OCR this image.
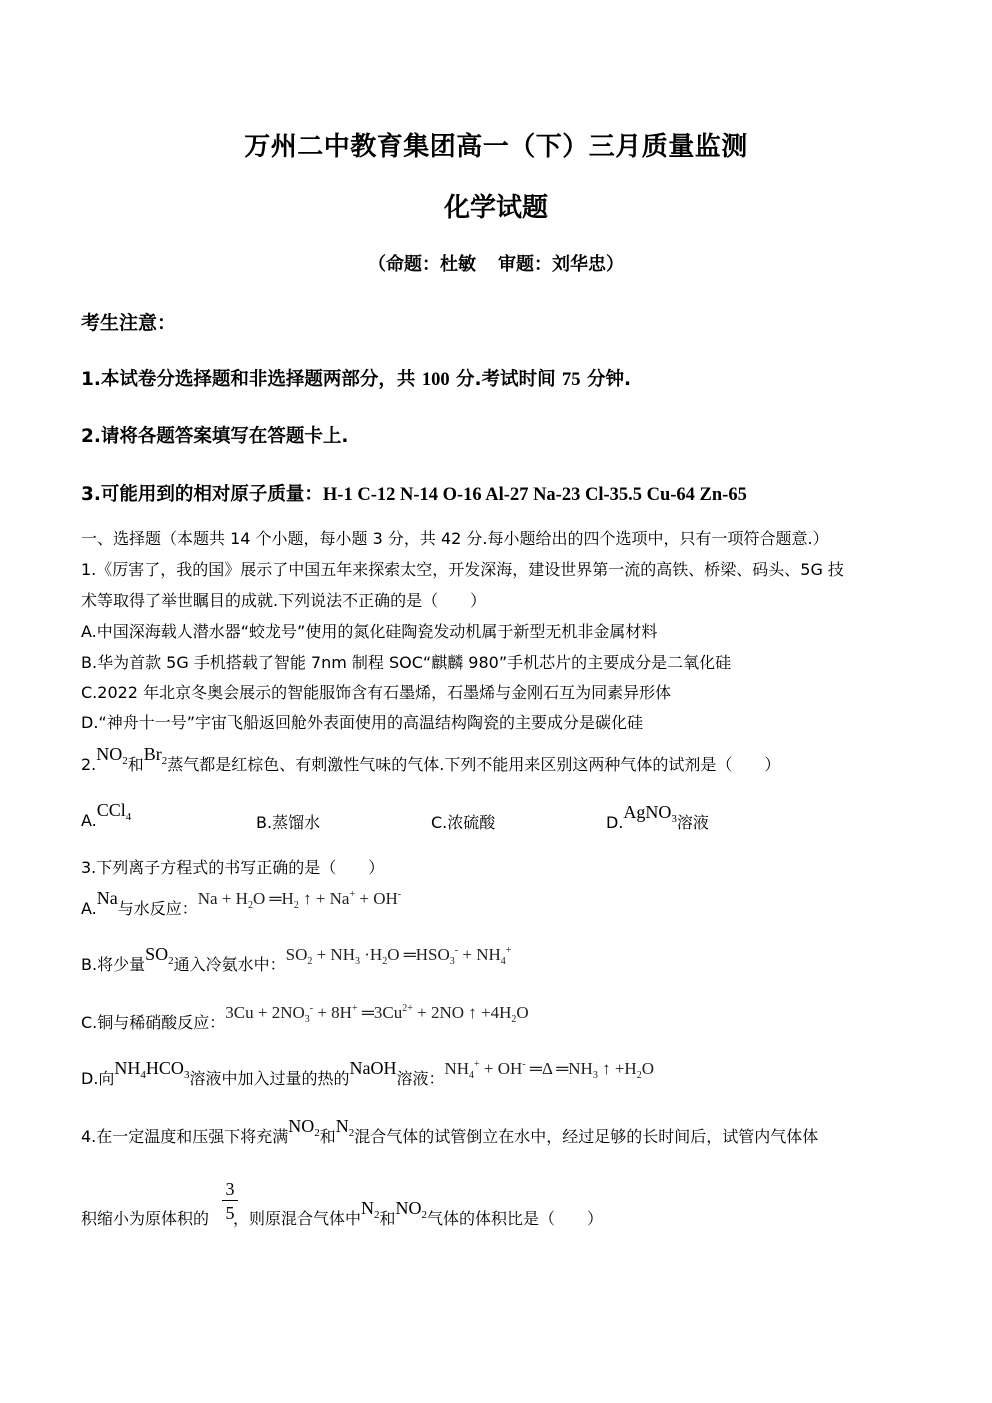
万州二中教育集团高一（下）三月质量监测
化学试题
（命题：杜敏 审题：刘华忠）
考生注意：
1.本试卷分选择题和非选择题两部分，共 100 分.考试时间 75 分钟.
2.请将各题答案填写在答题卡上.
3.可能用到的相对原子质量：H-1 C-12 N-14 O-16 Al-27 Na-23 Cl-35.5 Cu-64 Zn-65
一、选择题（本题共 14 个小题，每小题 3 分，共 42 分.每小题给出的四个选项中，只有一项符合题意.）
1.《厉害了，我的国》展示了中国五年来探索太空，开发深海，建设世界第一流的高铁、桥梁、码头、5G 技
术等取得了举世瞩目的成就.下列说法不正确的是（　　）
A.中国深海载人潜水器“蛟龙号”使用的氮化硅陶瓷发动机属于新型无机非金属材料
B.华为首款 5G 手机搭载了智能 7nm 制程 SOC“麒麟 980”手机芯片的主要成分是二氧化硅
C.2022 年北京冬奥会展示的智能服饰含有石墨烯，石墨烯与金刚石互为同素异形体
D.“神舟十一号”宇宙飞船返回舱外表面使用的高温结构陶瓷的主要成分是碳化硅
$2.NO_2$和$Br_2$蒸气都是红棕色、有刺激性气味的气体.下列不能用来区别这两种气体的试剂是（　　）
A.CCl$_4$	B.蒸馏水	C.浓硫酸	D.AgNO$_3$溶液
3.下列离子方程式的书写正确的是（　　）
A.Na与水反应：$Na + H_2O$ $═H_2$ ↑ + Na+ + OH-
B.将少量$SO_2$通入冷氨水中：$SO_2 + NH_3 \cdot H_2O$ $═HSO_3^- + NH_4^+$
C.铜与稀硝酸反应：$3Cu + 2NO_3^- + 8H^+$ $═3Cu^{2+} + 2NO$ ↑ $+4H_2O$
D.向$NH_4HCO_3$溶液中加入过量的热的NaOH溶液：$NH_4^+ + OH^-$ ═Δ $═NH_3$ ↑ $+H_2O$
4.在一定温度和压强下将充满$NO_2$和$N_2$混合气体的试管倒立在水中，经过足够的长时间后，试管内气体体
$\frac{3}{5}$
积缩小为原体积的 ，则原混合气体中$N_2$和$NO_2$气体的体积比是（　　）
